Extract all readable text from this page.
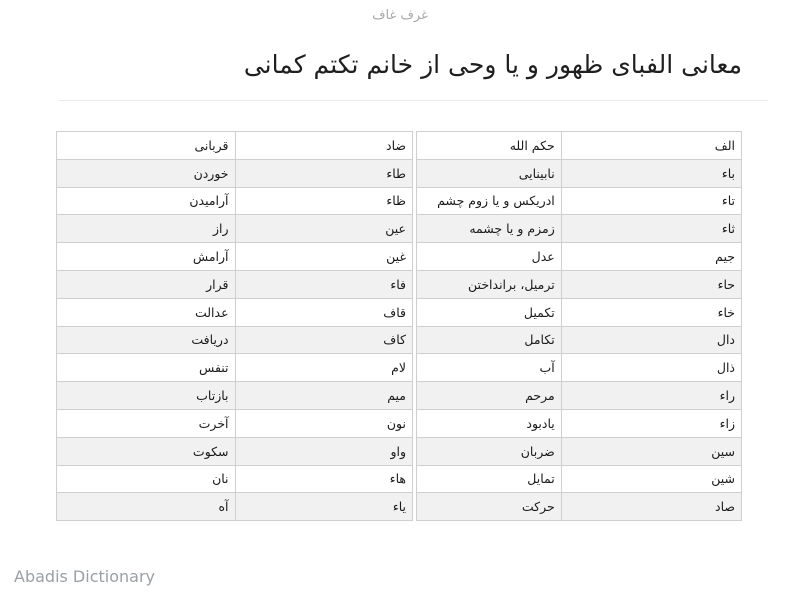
غرف غاف
معانی الفبای ظهور و یا وحی از خانم تکتم کمانی
الف	حکم الله
باء	نابینایی
تاء	ادریکس و یا زوم چشم
ثاء	زمزم و یا چشمه
جیم	عدل
حاء	ترمیل، برانداختن
خاء	تکمیل
دال	تکامل
ذال	آب
راء	مرحم
زاء	یادبود
سین	ضربان
شین	تمایل
صاد	حرکت
ضاد	قربانی
طاء	خوردن
ظاء	آرامیدن
عین	راز
غین	آرامش
فاء	قرار
قاف	عدالت
کاف	دریافت
لام	تنفس
میم	بازتاب
نون	آخرت
واو	سکوت
هاء	نان
یاء	آه
Abadis Dictionary
